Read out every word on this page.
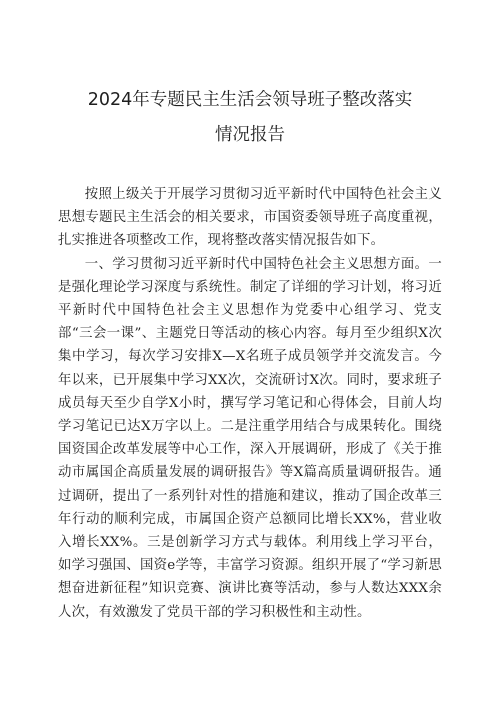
2024年专题民主生活会领导班子整改落实
情况报告

按照上级关于开展学习贯彻习近平新时代中国特色社会主义思想专题民主生活会的相关要求，市国资委领导班子高度重视，扎实推进各项整改工作，现将整改落实情况报告如下。

一、学习贯彻习近平新时代中国特色社会主义思想方面。一是强化理论学习深度与系统性。制定了详细的学习计划，将习近平新时代中国特色社会主义思想作为党委中心组学习、党支部“三会一课”、主题党日等活动的核心内容。每月至少组织X次集中学习，每次学习安排X—X名班子成员领学并交流发言。今年以来，已开展集中学习XX次，交流研讨X次。同时，要求班子成员每天至少自学X小时，撰写学习笔记和心得体会，目前人均学习笔记已达X万字以上。二是注重学用结合与成果转化。围绕国资国企改革发展等中心工作，深入开展调研，形成了《关于推动市属国企高质量发展的调研报告》等X篇高质量调研报告。通过调研，提出了一系列针对性的措施和建议，推动了国企改革三年行动的顺利完成，市属国企资产总额同比增长XX%，营业收入增长XX%。三是创新学习方式与载体。利用线上学习平台，如学习强国、国资e学等，丰富学习资源。组织开展了“学习新思想奋进新征程”知识竞赛、演讲比赛等活动，参与人数达XXX余人次，有效激发了党员干部的学习积极性和主动性。
